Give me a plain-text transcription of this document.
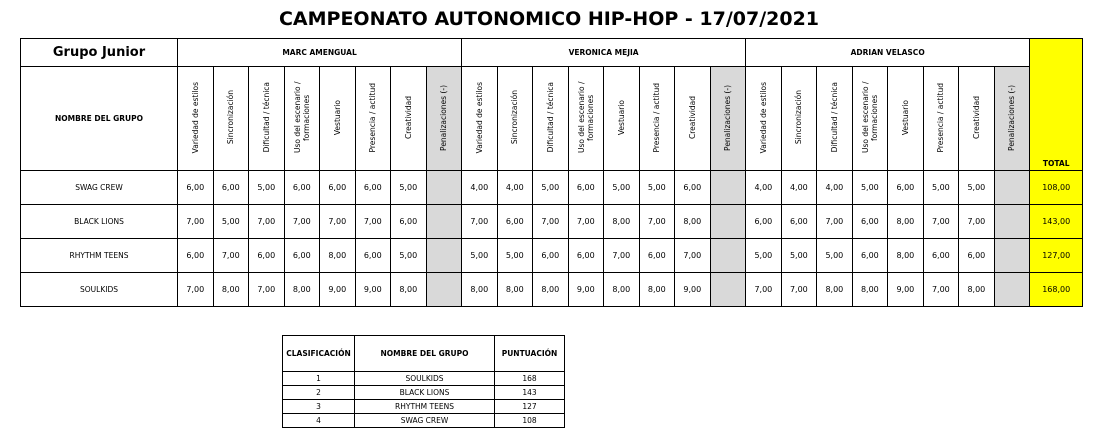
CAMPEONATO AUTONOMICO HIP-HOP - 17/07/2021
Grupo Junior	MARC AMENGUAL								VERONICA MEJIA								ADRIAN VELASCO								TOTAL
NOMBRE DEL GRUPO	Variedad de estilos	Sincronización	Dificultad / técnica	Uso del escenario / formaciones	Vestuario	Presencia / actitud	Creatividad	Penalizaciones (-)	Variedad de estilos	Sincronización	Dificultad / técnica	Uso del escenario / formaciones	Vestuario	Presencia / actitud	Creatividad	Penalizaciones (-)	Variedad de estilos	Sincronización	Dificultad / técnica	Uso del escenario / formaciones	Vestuario	Presencia / actitud	Creatividad	Penalizaciones (-)	
SWAG CREW	6,00	6,00	5,00	6,00	6,00	6,00	5,00		4,00	4,00	5,00	6,00	5,00	5,00	6,00		4,00	4,00	4,00	5,00	6,00	5,00	5,00		108,00
BLACK LIONS	7,00	5,00	7,00	7,00	7,00	7,00	6,00		7,00	6,00	7,00	7,00	8,00	7,00	8,00		6,00	6,00	7,00	6,00	8,00	7,00	7,00		143,00
RHYTHM TEENS	6,00	7,00	6,00	6,00	8,00	6,00	5,00		5,00	5,00	6,00	6,00	7,00	6,00	7,00		5,00	5,00	5,00	6,00	8,00	6,00	6,00		127,00
SOULKIDS	7,00	8,00	7,00	8,00	9,00	9,00	8,00		8,00	8,00	8,00	9,00	8,00	8,00	9,00		7,00	7,00	8,00	8,00	9,00	7,00	8,00		168,00
CLASIFICACIÓN	NOMBRE DEL GRUPO	PUNTUACIÓN
1	SOULKIDS	168
2	BLACK LIONS	143
3	RHYTHM TEENS	127
4	SWAG CREW	108
